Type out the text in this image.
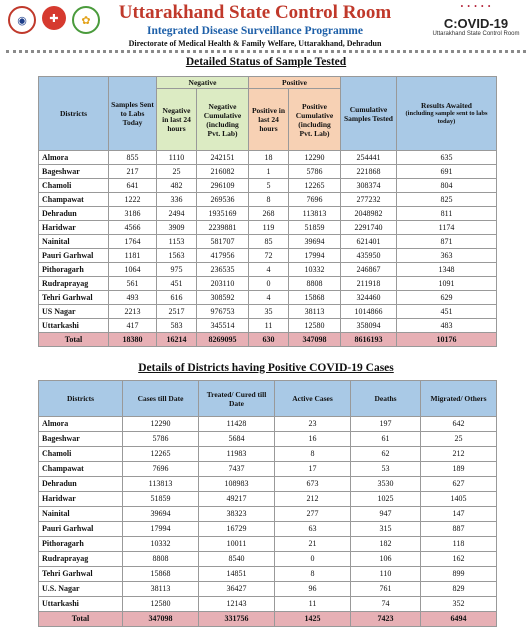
◉	✚	✿	Uttarakhand State Control Room
Integrated Disease Surveillance Programme
Directorate of Medical Health & Family Welfare, Uttarakhand, Dehradun
• • • • •
C:OVID-19
Uttarakhand State Control Room
Detailed Status of Sample Tested
Districts	Samples Sent to Labs Today	Negative		Positive		Cumulative Samples Tested	Results Awaited
(including sample sent to labs today)

		Negative in last 24 hours	Negative Cumulative (including Pvt. Lab)	Positive in last 24 hours	Positive Cumulative (including Pvt. Lab)		
Almora	855	1110	242151	18	12290	254441	635
Bageshwar	217	25	216082	1	5786	221868	691
Chamoli	641	482	296109	5	12265	308374	804
Champawat	1222	336	269536	8	7696	277232	825
Dehradun	3186	2494	1935169	268	113813	2048982	811
Haridwar	4566	3909	2239881	119	51859	2291740	1174
Nainital	1764	1153	581707	85	39694	621401	871
Pauri Garhwal	1181	1563	417956	72	17994	435950	363
Pithoragarh	1064	975	236535	4	10332	246867	1348
Rudraprayag	561	451	203110	0	8808	211918	1091
Tehri Garhwal	493	616	308592	4	15868	324460	629
US Nagar	2213	2517	976753	35	38113	1014866	451
Uttarkashi	417	583	345514	11	12580	358094	483
Total	18380	16214	8269095	630	347098	8616193	10176
Details of Districts having Positive COVID-19 Cases
Districts	Cases till Date	Treated/ Cured till Date	Active Cases	Deaths	Migrated/ Others
Almora	12290	11428	23	197	642
Bageshwar	5786	5684	16	61	25
Chamoli	12265	11983	8	62	212
Champawat	7696	7437	17	53	189
Dehradun	113813	108983	673	3530	627
Haridwar	51859	49217	212	1025	1405
Nainital	39694	38323	277	947	147
Pauri Garhwal	17994	16729	63	315	887
Pithoragarh	10332	10011	21	182	118
Rudraprayag	8808	8540	0	106	162
Tehri Garhwal	15868	14851	8	110	899
U.S. Nagar	38113	36427	96	761	829
Uttarkashi	12580	12143	11	74	352
Total	347098	331756	1425	7423	6494
